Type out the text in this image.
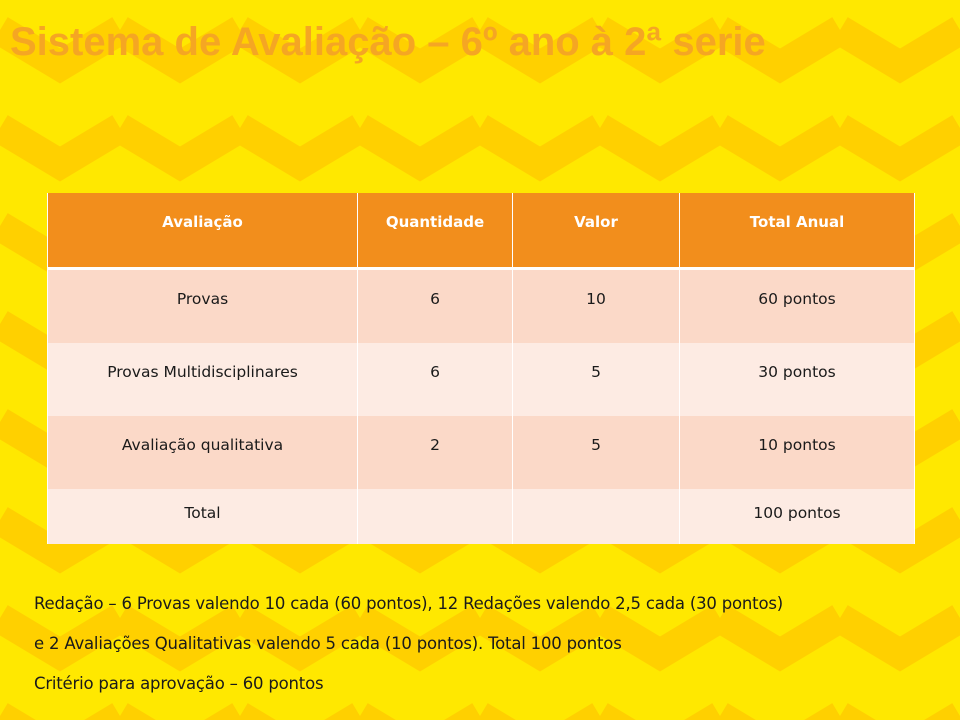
Sistema de Avaliação – 6º ano à 2ª serie
Avaliação	Quantidade	Valor	Total Anual
Provas	6	10	60 pontos
Provas Multidisciplinares	6	5	30 pontos
Avaliação qualitativa	2	5	10 pontos
Total			100 pontos

Redação – 6 Provas valendo 10 cada (60 pontos), 12 Redações valendo 2,5 cada (30 pontos)

e 2 Avaliações Qualitativas valendo 5 cada (10 pontos). Total 100 pontos

Critério para aprovação – 60 pontos
